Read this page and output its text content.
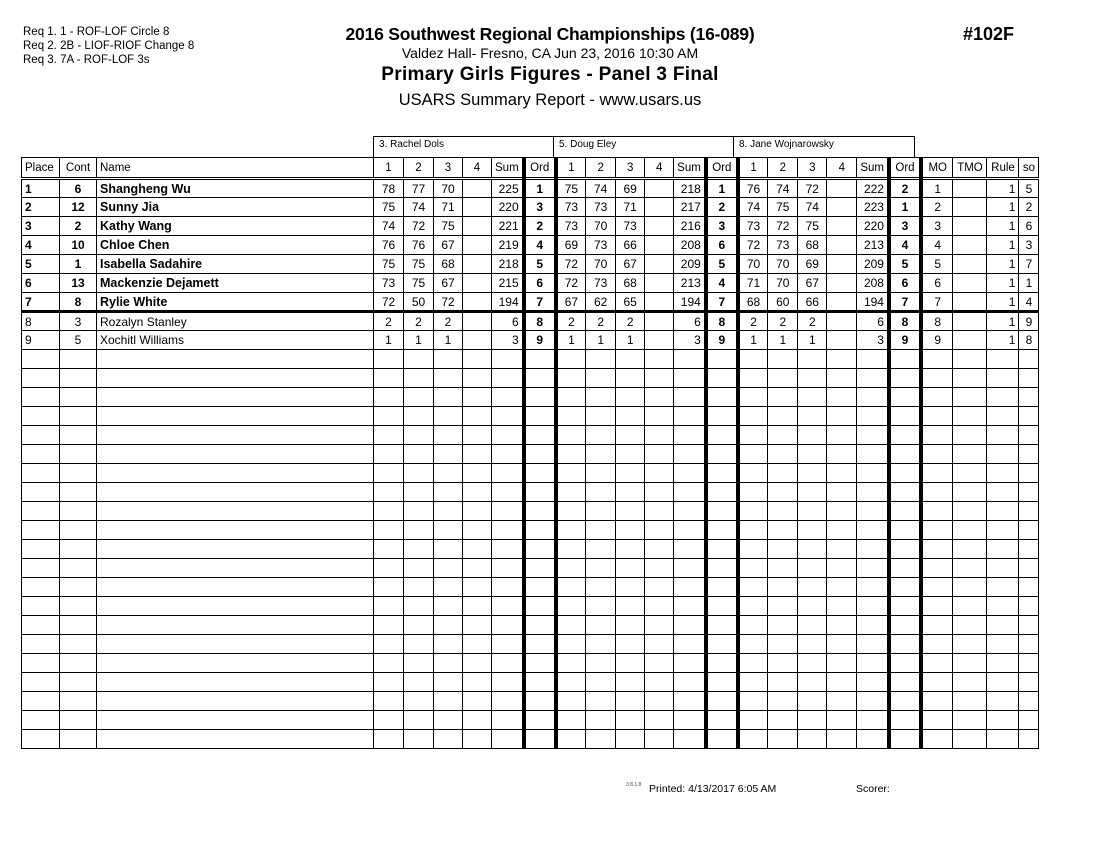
Req 1. 1 - ROF-LOF Circle 8
Req 2. 2B - LIOF-RIOF Change 8
Req 3. 7A - ROF-LOF 3s
2016 Southwest Regional Championships (16-089)
Valdez Hall- Fresno, CA Jun 23, 2016 10:30 AM
Primary Girls Figures - Panel 3 Final
USARS Summary Report - www.usars.us
#102F
3. Rachel Dols	5. Doug Eley	8. Jane Wojnarowsky
Place	Cont	Name	1	2	3	4	Sum	Ord	1	2	3	4	Sum	Ord	1	2	3	4	Sum	Ord	MO	TMO	Rule	so
1	6	Shangheng Wu	78	77	70		225	1	75	74	69		218	1	76	74	72		222	2	1		1	5
2	12	Sunny Jia	75	74	71		220	3	73	73	71		217	2	74	75	74		223	1	2		1	2
3	2	Kathy Wang	74	72	75		221	2	73	70	73		216	3	73	72	75		220	3	3		1	6
4	10	Chloe Chen	76	76	67		219	4	69	73	66		208	6	72	73	68		213	4	4		1	3
5	1	Isabella Sadahire	75	75	68		218	5	72	70	67		209	5	70	70	69		209	5	5		1	7
6	13	Mackenzie Dejamett	73	75	67		215	6	72	73	68		213	4	71	70	67		208	6	6		1	1
7	8	Rylie White	72	50	72		194	7	67	62	65		194	7	68	60	66		194	7	7		1	4
8	3	Rozalyn Stanley	2	2	2		6	8	2	2	2		6	8	2	2	2		6	8	8		1	9
9	5	Xochitl Williams	1	1	1		3	9	1	1	1		3	9	1	1	1		3	9	9		1	8

3.8.1.8 Printed: 4/13/2017 6:05 AM	Scorer:
